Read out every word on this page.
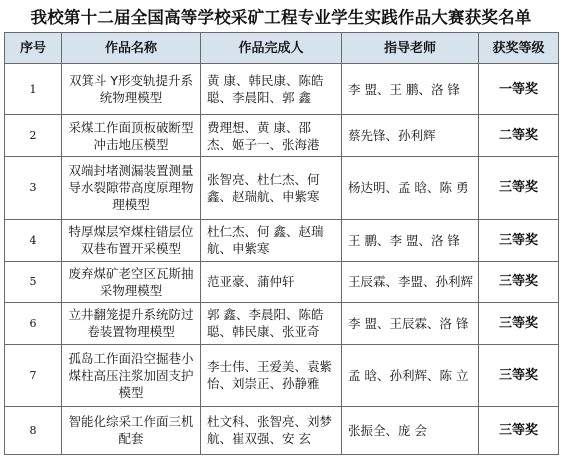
我校第十二届全国高等学校采矿工程专业学生实践作品大赛获奖名单
序号	作品名称	作品完成人	指导老师	获奖等级
1	双箕斗 Y形变轨提升系统物理模型	黄 康、韩民康、陈皓聪、李晨阳、郭 鑫	李 盟、王 鹏、洛 锋	一等奖
2	采煤工作面顶板破断型冲击地压模型	费理想、黄 康、邵 杰、姬子一、张海港	蔡先锋、孙利辉	二等奖
3	双端封堵测漏装置测量导水裂隙带高度原理物理模型	张智亮、杜仁杰、何 鑫、赵瑞航、申紫寒	杨达明、孟 晗、陈 勇	三等奖
4	特厚煤层窄煤柱错层位双巷布置开采模型	杜仁杰、何 鑫、赵瑞航、申紫寒	王 鹏、李 盟、洛 锋	三等奖
5	废弃煤矿老空区瓦斯抽采物理模型	范亚豪、蒲仲轩	王辰霖、李盟、孙利辉	三等奖
6	立井翻笼提升系统防过卷装置物理模型	郭 鑫、李晨阳、陈皓聪、韩民康、张亚奇	李 盟、王辰霖、洛 锋	三等奖
7	孤岛工作面沿空掘巷小煤柱高压注浆加固支护模型	李士伟、王爱美、袁紫怡、刘崇正、孙静雅	孟 晗、孙利辉、陈 立	三等奖
8	智能化综采工作面三机配套	杜文科、张智亮、刘梦航、崔双强、安 玄	张振全、庞 会	三等奖
